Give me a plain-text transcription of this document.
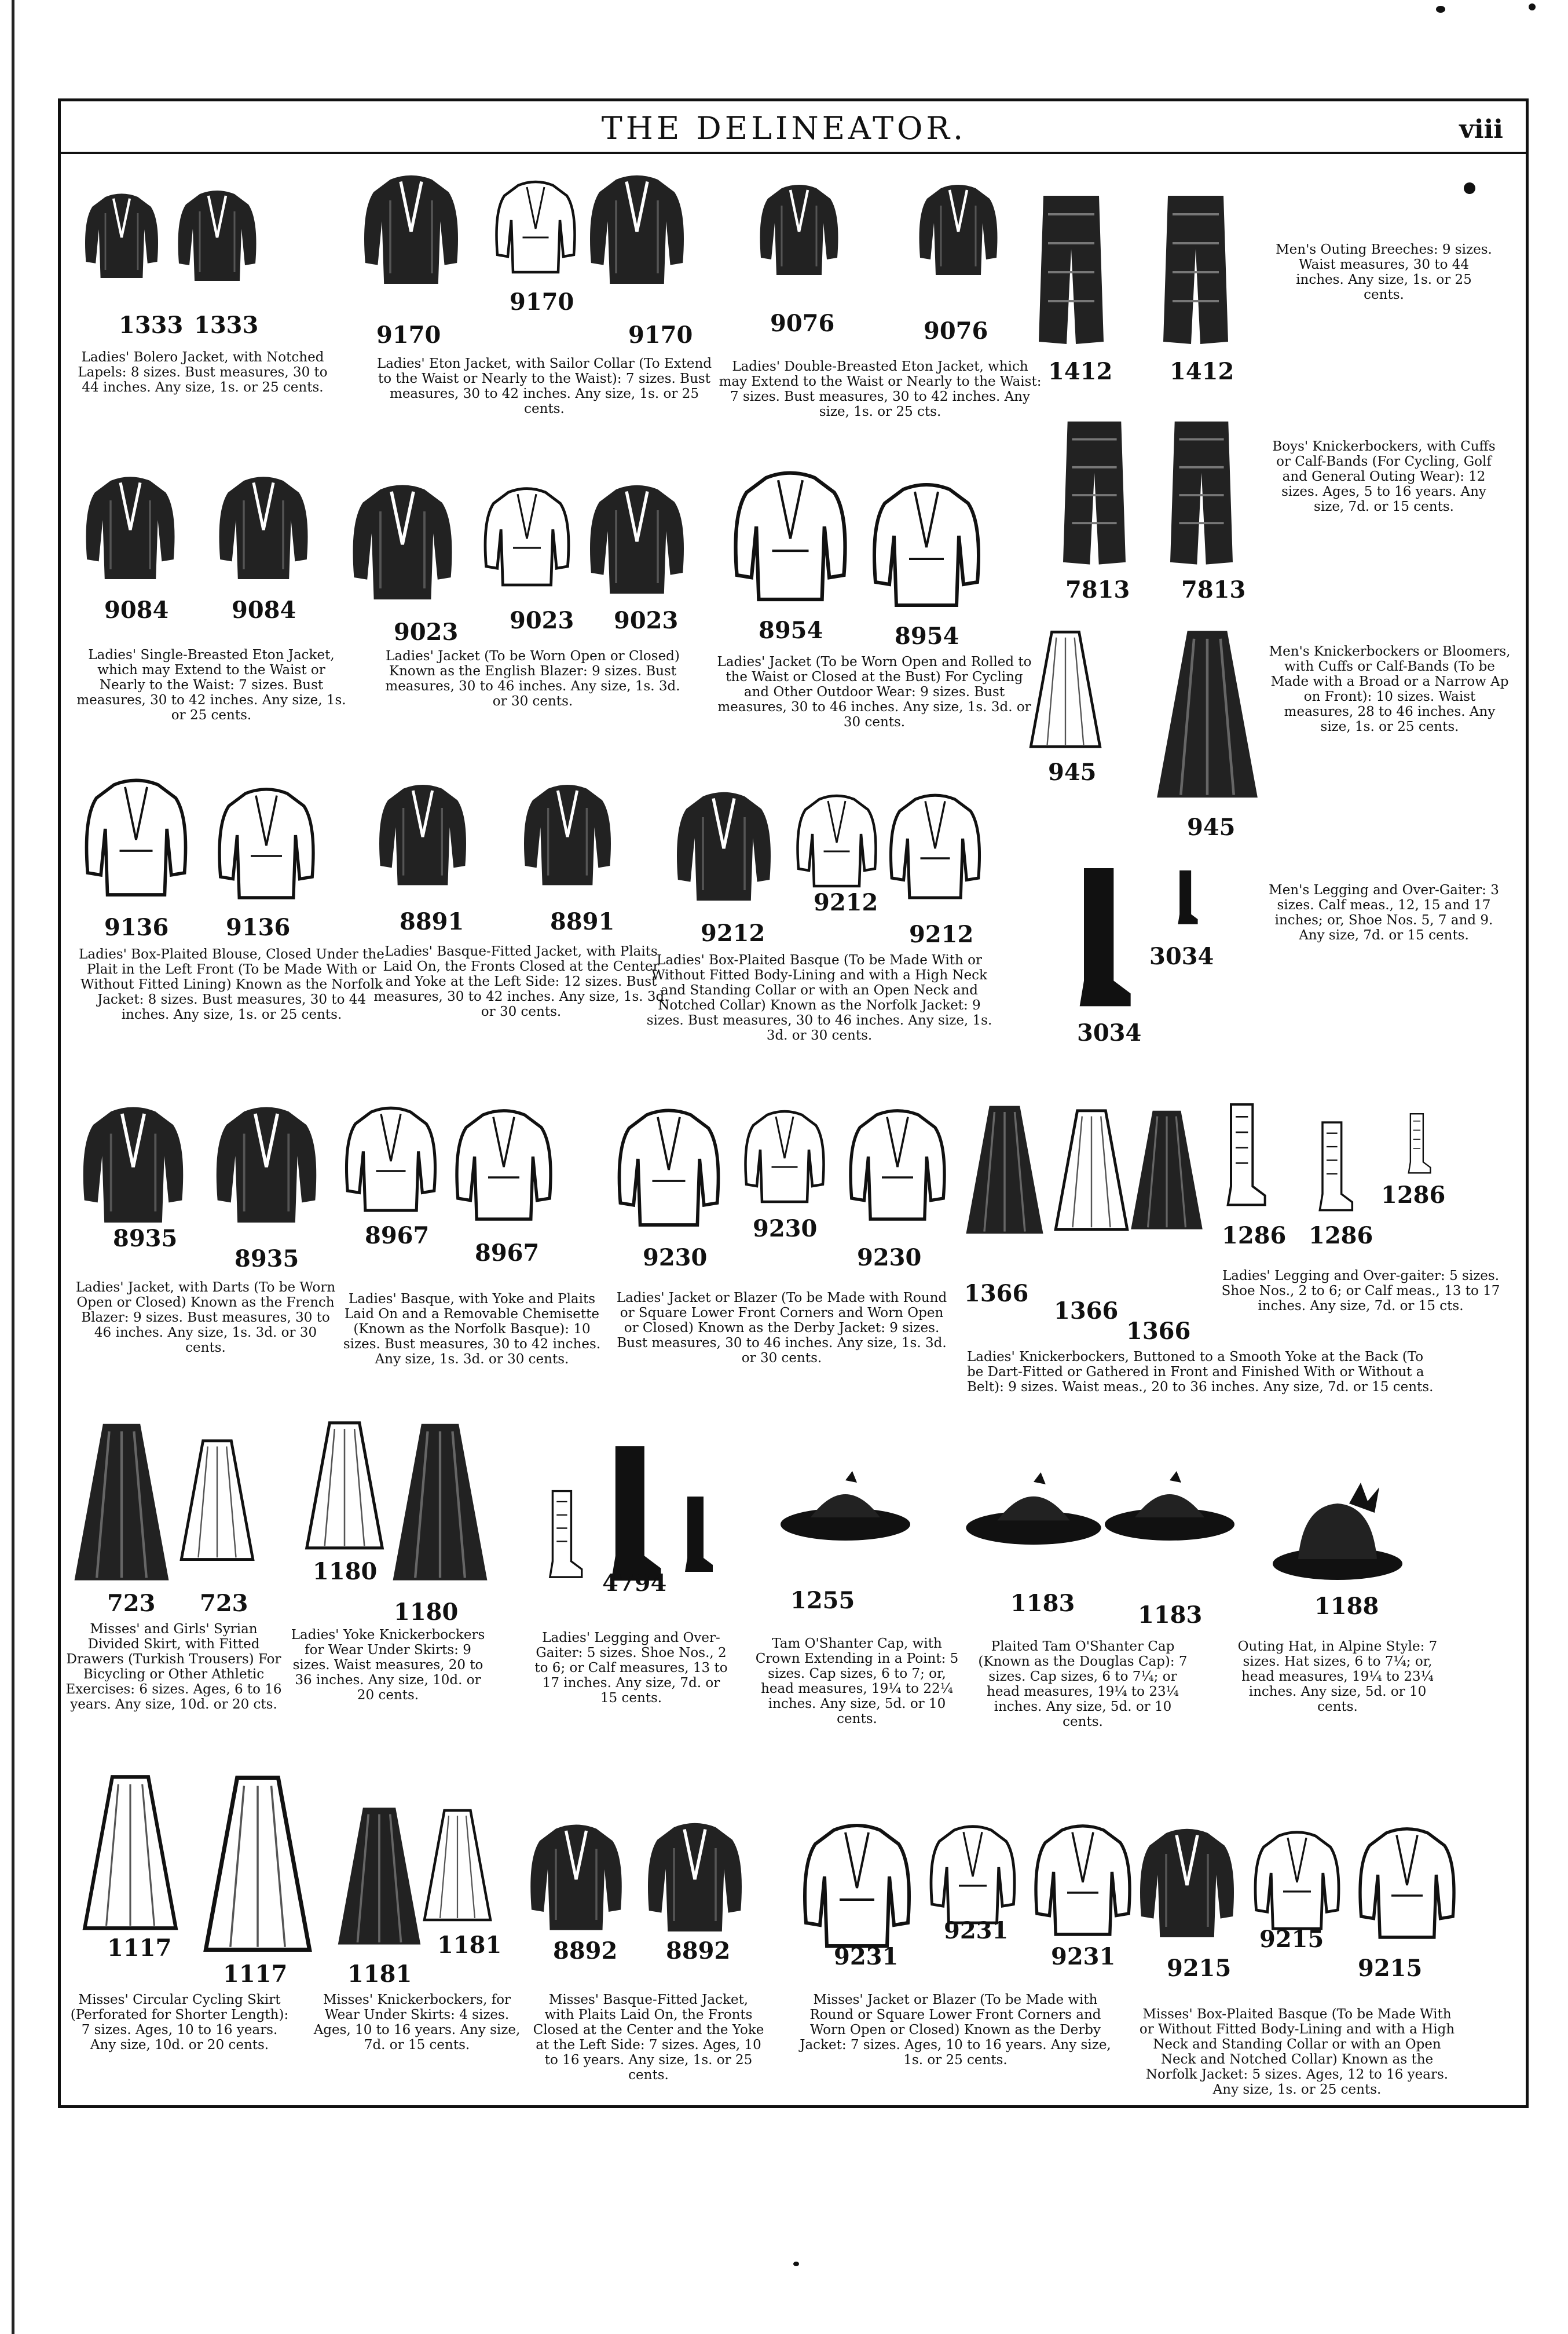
THE DELINEATOR.	viii
1333 1333
Ladies' Bolero Jacket, with Notched Lapels: 8 sizes. Bust measures, 30 to 44 inches. Any size, 1s. or 25 cents.
9170
9170
9170
Ladies' Eton Jacket, with Sailor Collar (To Extend to the Waist or Nearly to the Waist): 7 sizes. Bust measures, 30 to 42 inches. Any size, 1s. or 25 cents.
9076	9076
Ladies' Double-Breasted Eton Jacket, which may Extend to the Waist or Nearly to the Waist: 7 sizes. Bust measures, 30 to 42 inches. Any size, 1s. or 25 cts.
1412 1412
Men's Outing Breeches: 9 sizes. Waist measures, 30 to 44 inches. Any size, 1s. or 25 cents.
9084	9084
Ladies' Single-Breasted Eton Jacket, which may Extend to the Waist or Nearly to the Waist: 7 sizes. Bust measures, 30 to 42 inches. Any size, 1s. or 25 cents.
9023 9023 9023
Ladies' Jacket (To be Worn Open or Closed) Known as the English Blazer: 9 sizes. Bust measures, 30 to 46 inches. Any size, 1s. 3d. or 30 cents.
8954	8954
Ladies' Jacket (To be Worn Open and Rolled to the Waist or Closed at the Bust) For Cycling and Other Outdoor Wear: 9 sizes. Bust measures, 30 to 46 inches. Any size, 1s. 3d. or 30 cents.
7813 7813
Boys' Knickerbockers, with Cuffs or Calf-Bands (For Cycling, Golf and General Outing Wear): 12 sizes. Ages, 5 to 16 years. Any size, 7d. or 15 cents.
945
945
Men's Knickerbockers or Bloomers, with Cuffs or Calf-Bands (To be Made with a Broad or a Narrow Ap on Front): 10 sizes. Waist measures, 28 to 46 inches. Any size, 1s. or 25 cents.
9136 9136
Ladies' Box-Plaited Blouse, Closed Under the Plait in the Left Front (To be Made With or Without Fitted Lining) Known as the Norfolk Jacket: 8 sizes. Bust measures, 30 to 44 inches. Any size, 1s. or 25 cents.
8891	8891
Ladies' Basque-Fitted Jacket, with Plaits Laid On, the Fronts Closed at the Center and Yoke at the Left Side: 12 sizes. Bust measures, 30 to 42 inches. Any size, 1s. 3d. or 30 cents.
9212
9212
9212
Ladies' Box-Plaited Basque (To be Made With or Without Fitted Body-Lining and with a High Neck and Standing Collar or with an Open Neck and Notched Collar) Known as the Norfolk Jacket: 9 sizes. Bust measures, 30 to 46 inches. Any size, 1s. 3d. or 30 cents.
3034
3034
Men's Legging and Over-Gaiter: 3 sizes. Calf meas., 12, 15 and 17 inches; or, Shoe Nos. 5, 7 and 9. Any size, 7d. or 15 cents.
8935
8935
Ladies' Jacket, with Darts (To be Worn Open or Closed) Known as the French Blazer: 9 sizes. Bust measures, 30 to 46 inches. Any size, 1s. 3d. or 30 cents.
8967
8967
Ladies' Basque, with Yoke and Plaits Laid On and a Removable Chemisette (Known as the Norfolk Basque): 10 sizes. Bust measures, 30 to 42 inches. Any size, 1s. 3d. or 30 cents.
9230
9230
9230
Ladies' Jacket or Blazer (To be Made with Round or Square Lower Front Corners and Worn Open or Closed) Known as the Derby Jacket: 9 sizes. Bust measures, 30 to 46 inches. Any size, 1s. 3d. or 30 cents.
1366
1366
1366
Ladies' Knickerbockers, Buttoned to a Smooth Yoke at the Back (To be Dart-Fitted or Gathered in Front and Finished With or Without a Belt): 9 sizes. Waist meas., 20 to 36 inches. Any size, 7d. or 15 cents.
1286 1286
1286
Ladies' Legging and Over-gaiter: 5 sizes. Shoe Nos., 2 to 6; or Calf meas., 13 to 17 inches. Any size, 7d. or 15 cts.
723 723
Misses' and Girls' Syrian Divided Skirt, with Fitted Drawers (Turkish Trousers) For Bicycling or Other Athletic Exercises: 6 sizes. Ages, 6 to 16 years. Any size, 10d. or 20 cts.
1180
1180
Ladies' Yoke Knickerbockers for Wear Under Skirts: 9 sizes. Waist measures, 20 to 36 inches. Any size, 10d. or 20 cents.
4794
Ladies' Legging and Over-Gaiter: 5 sizes. Shoe Nos., 2 to 6; or Calf measures, 13 to 17 inches. Any size, 7d. or 15 cents.
1255
Tam O'Shanter Cap, with Crown Extending in a Point: 5 sizes. Cap sizes, 6 to 7; or, head measures, 19¼ to 22¼ inches. Any size, 5d. or 10 cents.
1183	1183
Plaited Tam O'Shanter Cap (Known as the Douglas Cap): 7 sizes. Cap sizes, 6 to 7¼; or head measures, 19¼ to 23¼ inches. Any size, 5d. or 10 cents.
1188
Outing Hat, in Alpine Style: 7 sizes. Hat sizes, 6 to 7¼; or, head measures, 19¼ to 23¼ inches. Any size, 5d. or 10 cents.
1117
1117
Misses' Circular Cycling Skirt (Perforated for Shorter Length): 7 sizes. Ages, 10 to 16 years. Any size, 10d. or 20 cents.
1181
1181
Misses' Knickerbockers, for Wear Under Skirts: 4 sizes. Ages, 10 to 16 years. Any size, 7d. or 15 cents.
8892 8892
Misses' Basque-Fitted Jacket, with Plaits Laid On, the Fronts Closed at the Center and the Yoke at the Left Side: 7 sizes. Ages, 10 to 16 years. Any size, 1s. or 25 cents.
9231
9231
9231
Misses' Jacket or Blazer (To be Made with Round or Square Lower Front Corners and Worn Open or Closed) Known as the Derby Jacket: 7 sizes. Ages, 10 to 16 years. Any size, 1s. or 25 cents.
9215
9215
9215
Misses' Box-Plaited Basque (To be Made With or Without Fitted Body-Lining and with a High Neck and Standing Collar or with an Open Neck and Notched Collar) Known as the Norfolk Jacket: 5 sizes. Ages, 12 to 16 years. Any size, 1s. or 25 cents.
